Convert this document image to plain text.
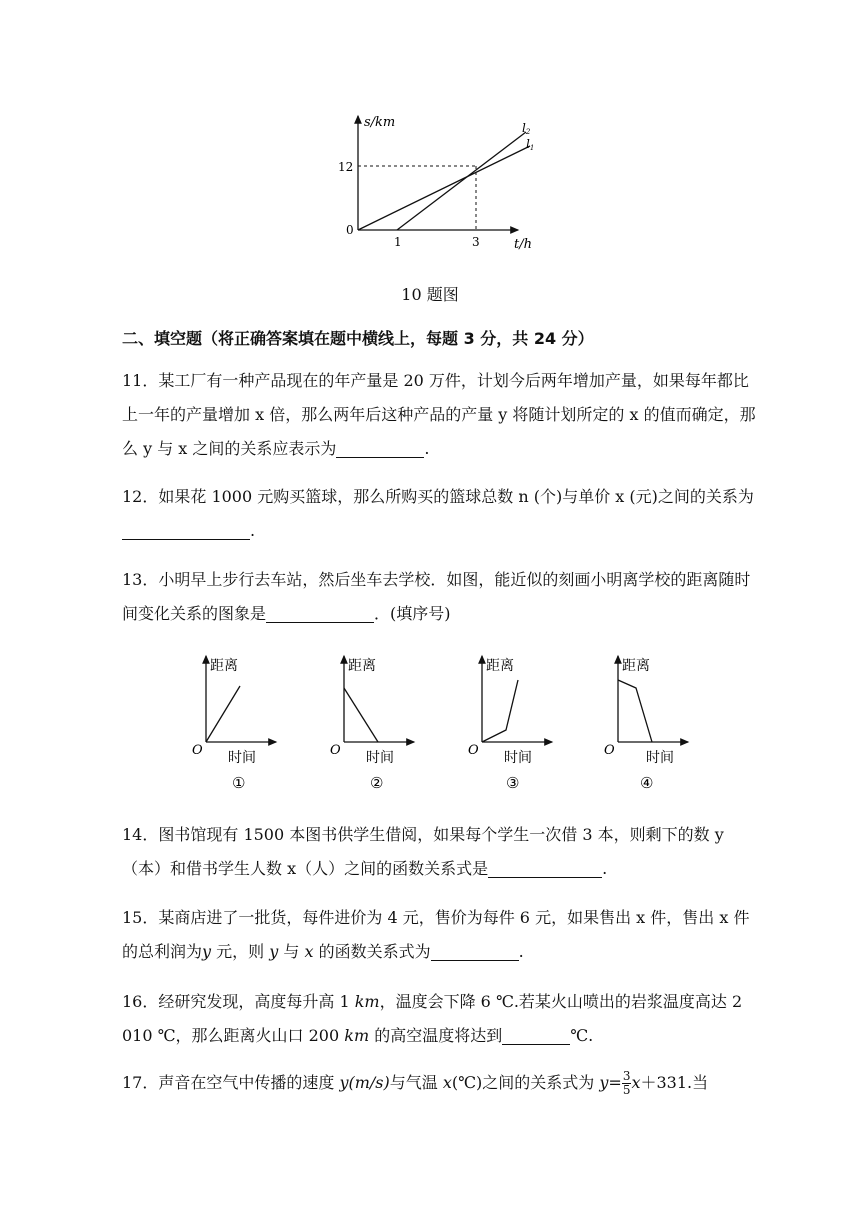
s/km
t/h
12
0
1	3
l2
l1
10 题图
二、填空题（将正确答案填在题中横线上，每题 3 分，共 24 分）
11．某工厂有一种产品现在的年产量是 20 万件，计划今后两年增加产量，如果每年都比上一年的产量增加 x 倍，那么两年后这种产品的产量 y 将随计划所定的 x 的值而确定，那么 y 与 x 之间的关系应表示为	.
12．如果花 1000 元购买篮球，那么所购买的篮球总数 n (个)与单价 x (元)之间的关系为.
13．小明早上步行去车站，然后坐车去学校．如图，能近似的刻画小明离学校的距离随时间变化关系的图象是	．(填序号)
距离
时间
O
①
距离
时间
O
②
距离
时间
O
③
距离
时间
O
④
14．图书馆现有 1500 本图书供学生借阅，如果每个学生一次借 3 本，则剩下的数 y（本）和借书学生人数 x（人）之间的函数关系式是	.
15．某商店进了一批货，每件进价为 4 元，售价为每件 6 元，如果售出 x 件，售出 x 件的总利润为y 元，则 y 与 x 的函数关系式为	.
16．经研究发现，高度每升高 1 km，温度会下降 6 ℃.若某火山喷出的岩浆温度高达 2 010 ℃，那么距离火山口 200 km 的高空温度将达到	℃.
17．声音在空气中传播的速度 y(m/s)与气温 x(℃)之间的关系式为 $y= \frac{3}{5} x+331$.当
